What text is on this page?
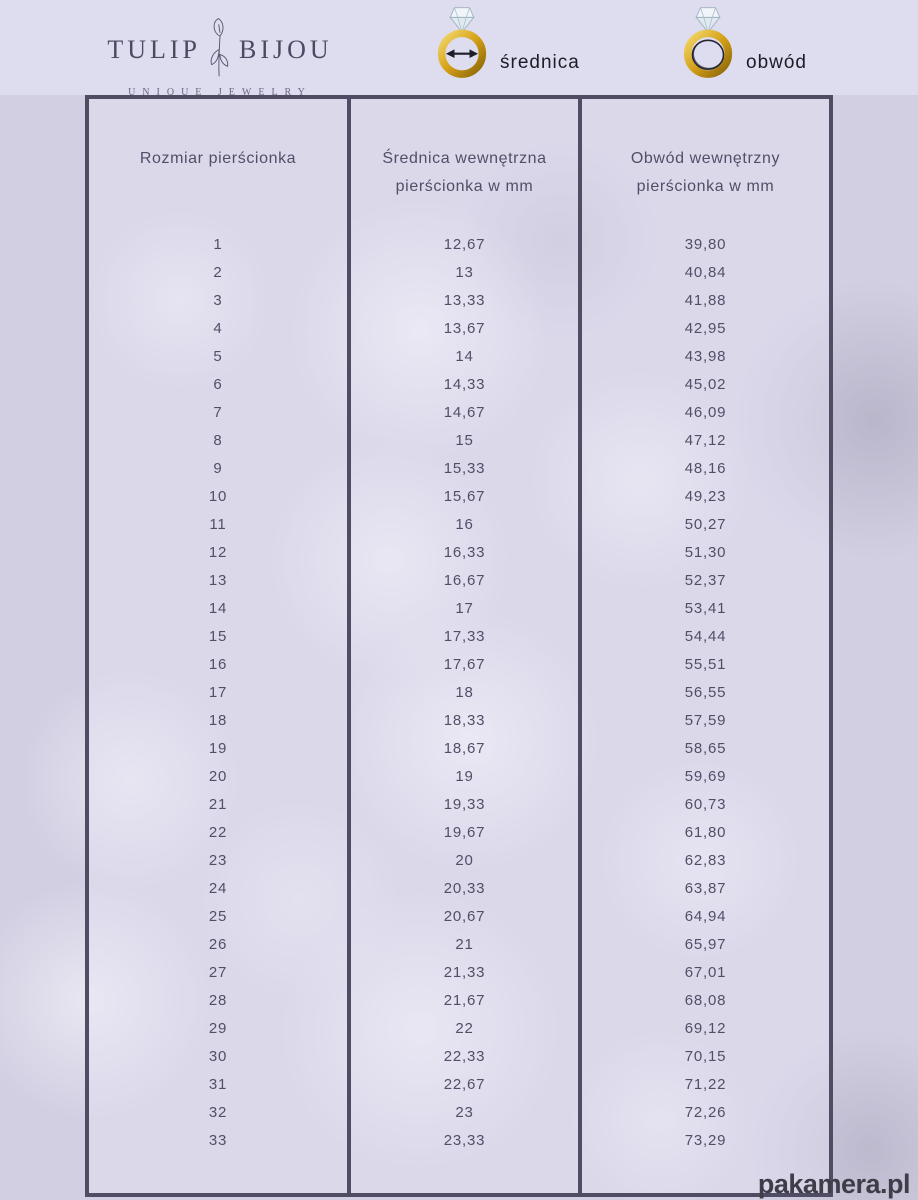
TULIP BIJOU
UNIQUE JEWELRY
średnica	obwód
Rozmiar pierścionka
1
2
3
4
5
6
7
8
9
10
11
12
13
14
15
16
17
18
19
20
21
22
23
24
25
26
27
28
29
30
31
32
33
Średnica wewnętrzna
pierścionka w mm
12,67
13
13,33
13,67
14
14,33
14,67
15
15,33
15,67
16
16,33
16,67
17
17,33
17,67
18
18,33
18,67
19
19,33
19,67
20
20,33
20,67
21
21,33
21,67
22
22,33
22,67
23
23,33
Obwód wewnętrzny
pierścionka w mm
39,80
40,84
41,88
42,95
43,98
45,02
46,09
47,12
48,16
49,23
50,27
51,30
52,37
53,41
54,44
55,51
56,55
57,59
58,65
59,69
60,73
61,80
62,83
63,87
64,94
65,97
67,01
68,08
69,12
70,15
71,22
72,26
73,29
pakamera.pl
